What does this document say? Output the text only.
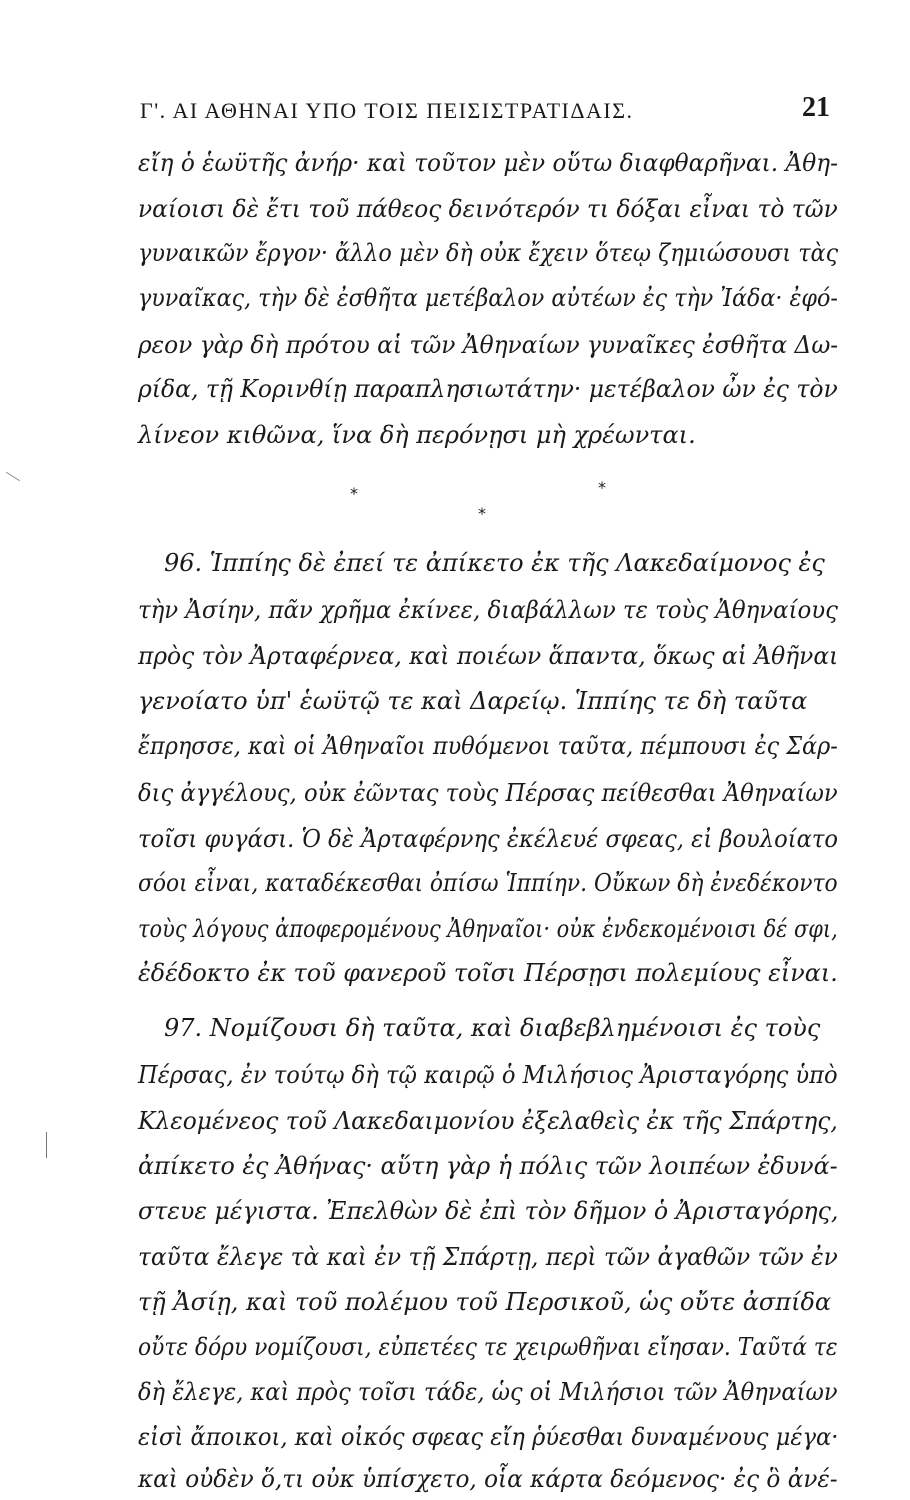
Γ'. ΑΙ ΑΘΗΝΑΙ ΥΠΟ ΤΟΙΣ ΠΕΙΣΙΣΤΡΑΤΙΔΑΙΣ.	21
εἴη ὁ ἑωϋτῆς ἀνήρ· καὶ τοῦτον μὲν οὕτω διαφθαρῆναι. Ἀθη-
ναίοισι δὲ ἔτι τοῦ πάθεος δεινότερόν τι δόξαι εἶναι τὸ τῶν
γυναικῶν ἔργον· ἄλλο μὲν δὴ οὐκ ἔχειν ὅτεῳ ζημιώσουσι τὰς
γυναῖκας, τὴν δὲ ἐσθῆτα μετέβαλον αὐτέων ἐς τὴν Ἰάδα· ἐφό-
ρεον γὰρ δὴ πρότου αἱ τῶν Ἀθηναίων γυναῖκες ἐσθῆτα Δω-
ρίδα, τῇ Κορινθίῃ παραπλησιωτάτην· μετέβαλον ὦν ἐς τὸν
λίνεον κιθῶνα, ἵνα δὴ περόνῃσι μὴ χρέωνται.
*	*
*
96. Ἱππίης δὲ ἐπεί τε ἀπίκετο ἐκ τῆς Λακεδαίμονος ἐς
τὴν Ἀσίην, πᾶν χρῆμα ἐκίνεε, διαβάλλων τε τοὺς Ἀθηναίους
πρὸς τὸν Ἀρταφέρνεα, καὶ ποιέων ἅπαντα, ὅκως αἱ Ἀθῆναι
γενοίατο ὑπ' ἑωϋτῷ τε καὶ Δαρείῳ. Ἱππίης τε δὴ ταῦτα
ἔπρησσε, καὶ οἱ Ἀθηναῖοι πυθόμενοι ταῦτα, πέμπουσι ἐς Σάρ-
δις ἀγγέλους, οὐκ ἐῶντας τοὺς Πέρσας πείθεσθαι Ἀθηναίων
τοῖσι φυγάσι. Ὁ δὲ Ἀρταφέρνης ἐκέλευέ σφεας, εἰ βουλοίατο
σόοι εἶναι, καταδέκεσθαι ὀπίσω Ἱππίην. Οὔκων δὴ ἐνεδέκοντο
τοὺς λόγους ἀποφερομένους Ἀθηναῖοι· οὐκ ἐνδεκομένοισι δέ σφι,
ἐδέδοκτο ἐκ τοῦ φανεροῦ τοῖσι Πέρσῃσι πολεμίους εἶναι.
97. Νομίζουσι δὴ ταῦτα, καὶ διαβεβλημένοισι ἐς τοὺς
Πέρσας, ἐν τούτῳ δὴ τῷ καιρῷ ὁ Μιλήσιος Ἀρισταγόρης ὑπὸ
Κλεομένεος τοῦ Λακεδαιμονίου ἐξελαθεὶς ἐκ τῆς Σπάρτης,
ἀπίκετο ἐς Ἀθήνας· αὕτη γὰρ ἡ πόλις τῶν λοιπέων ἐδυνά-
στευε μέγιστα. Ἐπελθὼν δὲ ἐπὶ τὸν δῆμον ὁ Ἀρισταγόρης,
ταῦτα ἔλεγε τὰ καὶ ἐν τῇ Σπάρτῃ, περὶ τῶν ἀγαθῶν τῶν ἐν
τῇ Ἀσίῃ, καὶ τοῦ πολέμου τοῦ Περσικοῦ, ὡς οὔτε ἀσπίδα
οὔτε δόρυ νομίζουσι, εὐπετέες τε χειρωθῆναι εἴησαν. Ταῦτά τε
δὴ ἔλεγε, καὶ πρὸς τοῖσι τάδε, ὡς οἱ Μιλήσιοι τῶν Ἀθηναίων
εἰσὶ ἄποικοι, καὶ οἰκός σφεας εἴη ῥύεσθαι δυναμένους μέγα·
καὶ οὐδὲν ὅ,τι οὐκ ὑπίσχετο, οἷα κάρτα δεόμενος· ἐς ὃ ἀνέ-
